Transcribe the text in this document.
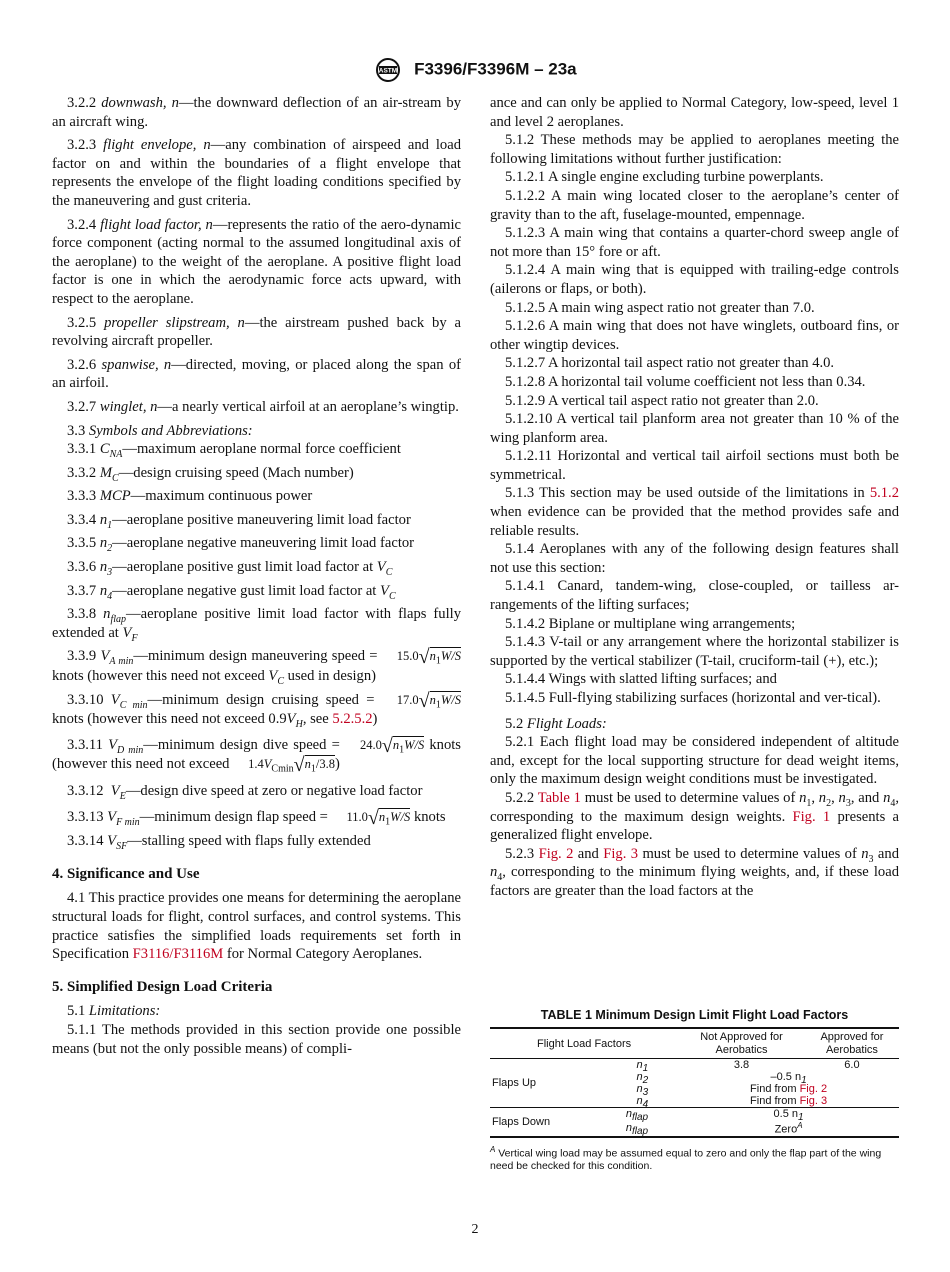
ASTM F3396/F3396M – 23a

3.2.2 downwash, n—the downward deflection of an air-stream by an aircraft wing.

3.2.3 flight envelope, n—any combination of airspeed and load factor on and within the boundaries of a flight envelope that represents the envelope of the flight loading conditions specified by the maneuvering and gust criteria.

3.2.4 flight load factor, n—represents the ratio of the aero-dynamic force component (acting normal to the assumed longitudinal axis of the aeroplane) to the weight of the aeroplane. A positive flight load factor is one in which the aerodynamic force acts upward, with respect to the aeroplane.

3.2.5 propeller slipstream, n—the airstream pushed back by a revolving aircraft propeller.

3.2.6 spanwise, n—directed, moving, or placed along the span of an airfoil.

3.2.7 winglet, n—a nearly vertical airfoil at an aeroplane’s wingtip.

3.3 Symbols and Abbreviations:

3.3.1 $C_{NA}—maximum$ aeroplane normal force coefficient

3.3.2 $M_C—design$ cruising speed (Mach number)

3.3.3 MCP—maximum continuous power

3.3.4 $n_1—aeroplane$ positive maneuvering limit load factor

3.3.5 $n_2—aeroplane$ negative maneuvering limit load factor

3.3.6 $n_3—aeroplane$ positive gust limit load factor at $V_C$

3.3.7 $n_4—aeroplane$ negative gust limit load factor at $V_C$

3.3.8 $n_{flap}—aeroplane$ positive limit load factor with flaps fully extended at $V_F$

3.3.9 $V_{A min}—minimum$ design maneuvering speed = $15.0√n_1W/S$ knots (however this need not exceed $V_C$ used in design)

3.3.10 $V_{C min}—minimum$ design cruising speed = $17.0√n_1W/S$ knots (however this need not exceed $0.9V_H$, see 5.2.5.2)

3.3.11 $V_{D min}—minimum$ design dive speed = $24.0√n_1W/S$ knots (however this need not exceed $1.4V_{Cmin}√n_1/3.8$)

3.3.12 $V_E—design$ dive speed at zero or negative load factor

3.3.13 $V_{F min}—minimum$ design flap speed = $11.0√n_1W/S$ knots

3.3.14 $V_{SF}—stalling$ speed with flaps fully extended

4. Significance and Use

4.1 This practice provides one means for determining the aeroplane structural loads for flight, control surfaces, and control systems. This practice satisfies the simplified loads requirements set forth in Specification F3116/F3116M for Normal Category Aeroplanes.

5. Simplified Design Load Criteria

5.1 Limitations:

5.1.1 The methods provided in this section provide one possible means (but not the only possible means) of compli-

ance and can only be applied to Normal Category, low-speed, level 1 and level 2 aeroplanes.

5.1.2 These methods may be applied to aeroplanes meeting the following limitations without further justification:

5.1.2.1 A single engine excluding turbine powerplants.

5.1.2.2 A main wing located closer to the aeroplane’s center of gravity than to the aft, fuselage-mounted, empennage.

5.1.2.3 A main wing that contains a quarter-chord sweep angle of not more than 15° fore or aft.

5.1.2.4 A main wing that is equipped with trailing-edge controls (ailerons or flaps, or both).

5.1.2.5 A main wing aspect ratio not greater than 7.0.

5.1.2.6 A main wing that does not have winglets, outboard fins, or other wingtip devices.

5.1.2.7 A horizontal tail aspect ratio not greater than 4.0.

5.1.2.8 A horizontal tail volume coefficient not less than 0.34.

5.1.2.9 A vertical tail aspect ratio not greater than 2.0.

5.1.2.10 A vertical tail planform area not greater than 10 % of the wing planform area.

5.1.2.11 Horizontal and vertical tail airfoil sections must both be symmetrical.

5.1.3 This section may be used outside of the limitations in 5.1.2 when evidence can be provided that the method provides safe and reliable results.

5.1.4 Aeroplanes with any of the following design features shall not use this section:

5.1.4.1 Canard, tandem-wing, close-coupled, or tailless ar-rangements of the lifting surfaces;

5.1.4.2 Biplane or multiplane wing arrangements;

5.1.4.3 V-tail or any arrangement where the horizontal stabilizer is supported by the vertical stabilizer (T-tail, cruciform-tail (+), etc.);

5.1.4.4 Wings with slatted lifting surfaces; and

5.1.4.5 Full-flying stabilizing surfaces (horizontal and ver-tical).

5.2 Flight Loads:

5.2.1 Each flight load may be considered independent of altitude and, except for the local supporting structure for dead weight items, only the maximum design weight conditions must be investigated.

5.2.2 Table 1 must be used to determine values of $n_1$, $n_2$, $n_3$, and $n_4$, corresponding to the maximum design weights. Fig. 1 presents a generalized flight envelope.

5.2.3 Fig. 2 and Fig. 3 must be used to determine values of $n_3$ and $n_4$, corresponding to the minimum flying weights, and, if these load factors are greater than the load factors at the

TABLE 1 Minimum Design Limit Flight Load Factors
Flight Load Factors		Not Approved for Aerobatics	Approved for Aerobatics
Flaps Up	n1	3.8	6.0
	n2	–0.5 n1	
	n3	Find from Fig. 2	
	n4	Find from Fig. 3	
Flaps Down	nflap	0.5 n1	
	nflap	Zero$^A$
$^A$ Vertical wing load may be assumed equal to zero and only the flap part of the wing need be checked for this condition.
2
